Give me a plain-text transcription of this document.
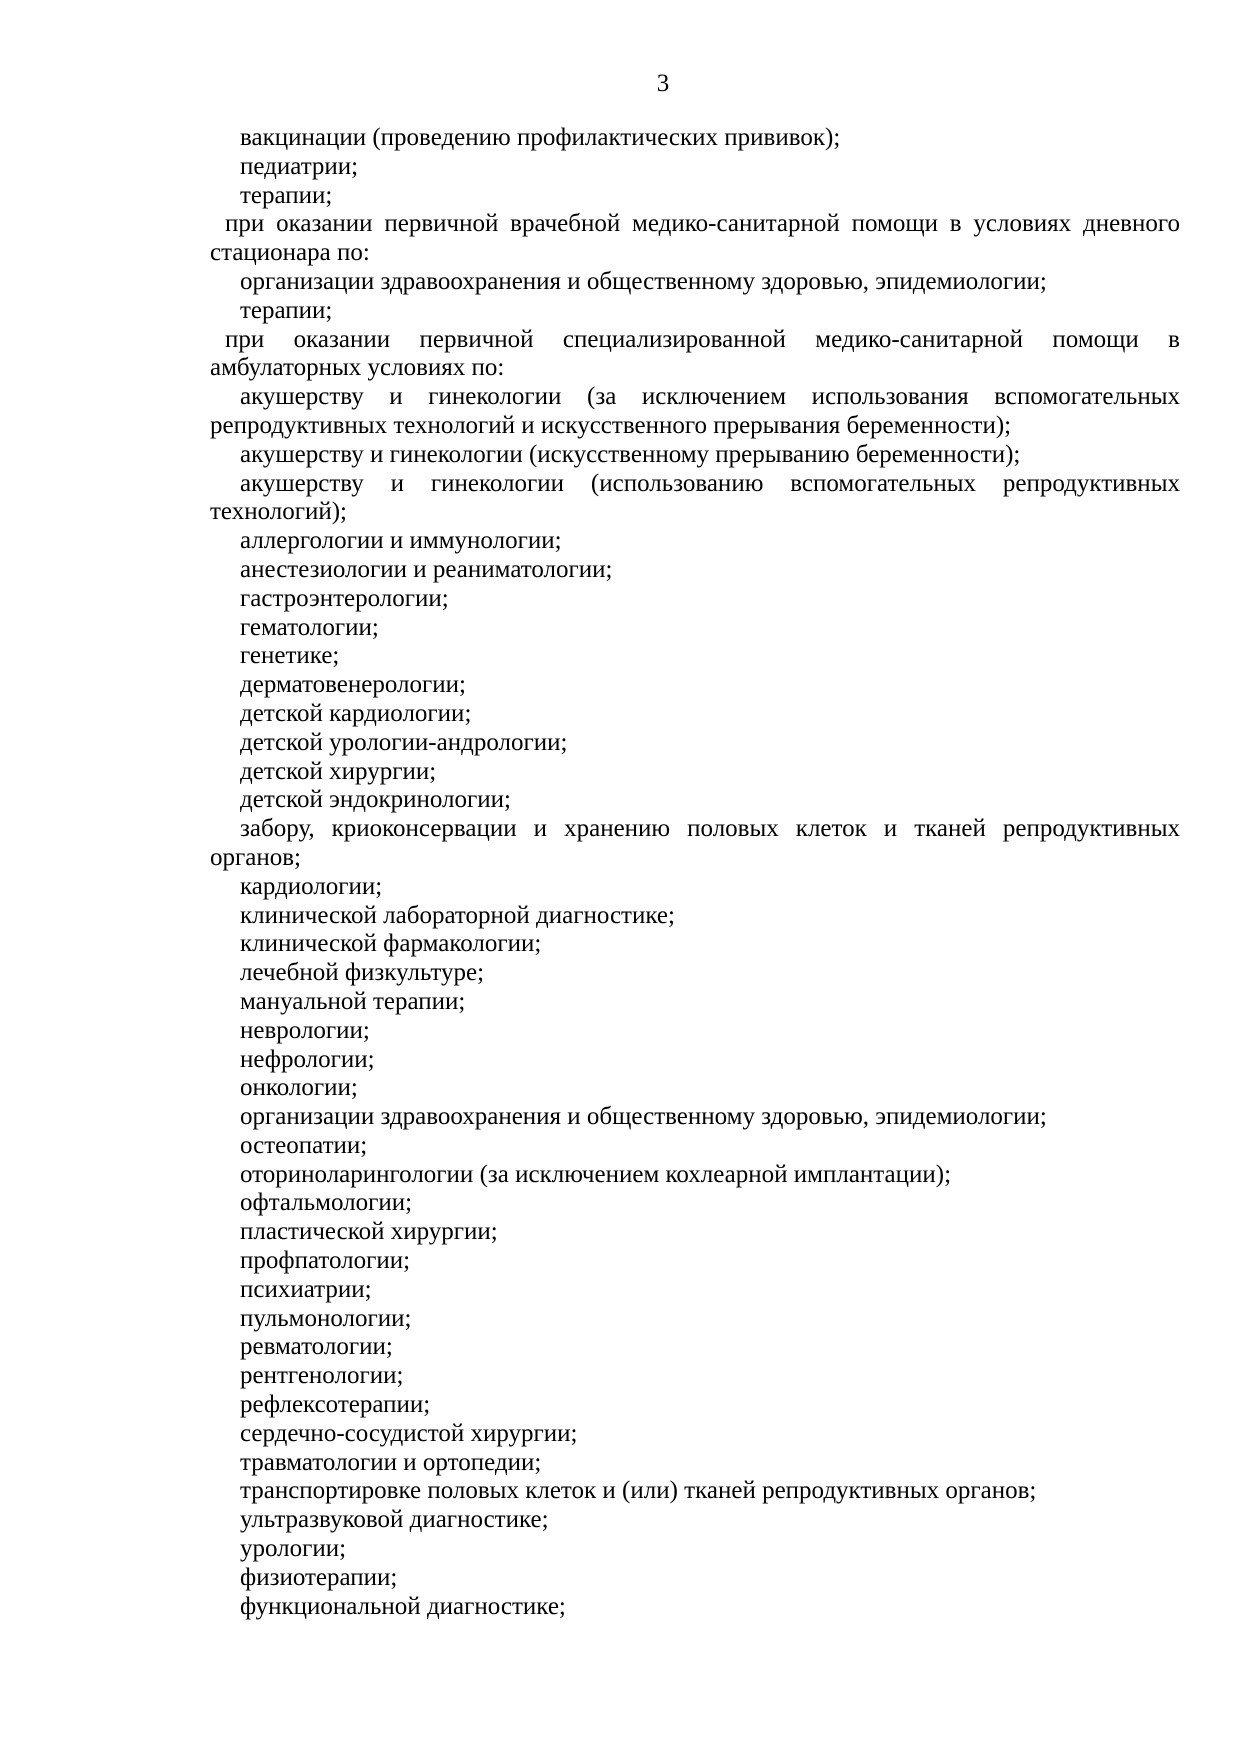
3
вакцинации (проведению профилактических прививок);
педиатрии;
терапии;
при оказании первичной врачебной медико-санитарной помощи в условиях дневного
стационара по:
организации здравоохранения и общественному здоровью, эпидемиологии;
терапии;
при оказании первичной специализированной медико-санитарной помощи в
амбулаторных условиях по:
акушерству и гинекологии (за исключением использования вспомогательных
репродуктивных технологий и искусственного прерывания беременности);
акушерству и гинекологии (искусственному прерыванию беременности);
акушерству и гинекологии (использованию вспомогательных репродуктивных
технологий);
аллергологии и иммунологии;
анестезиологии и реаниматологии;
гастроэнтерологии;
гематологии;
генетике;
дерматовенерологии;
детской кардиологии;
детской урологии-андрологии;
детской хирургии;
детской эндокринологии;
забору, криоконсервации и хранению половых клеток и тканей репродуктивных
органов;
кардиологии;
клинической лабораторной диагностике;
клинической фармакологии;
лечебной физкультуре;
мануальной терапии;
неврологии;
нефрологии;
онкологии;
организации здравоохранения и общественному здоровью, эпидемиологии;
остеопатии;
оториноларингологии (за исключением кохлеарной имплантации);
офтальмологии;
пластической хирургии;
профпатологии;
психиатрии;
пульмонологии;
ревматологии;
рентгенологии;
рефлексотерапии;
сердечно-сосудистой хирургии;
травматологии и ортопедии;
транспортировке половых клеток и (или) тканей репродуктивных органов;
ультразвуковой диагностике;
урологии;
физиотерапии;
функциональной диагностике;
